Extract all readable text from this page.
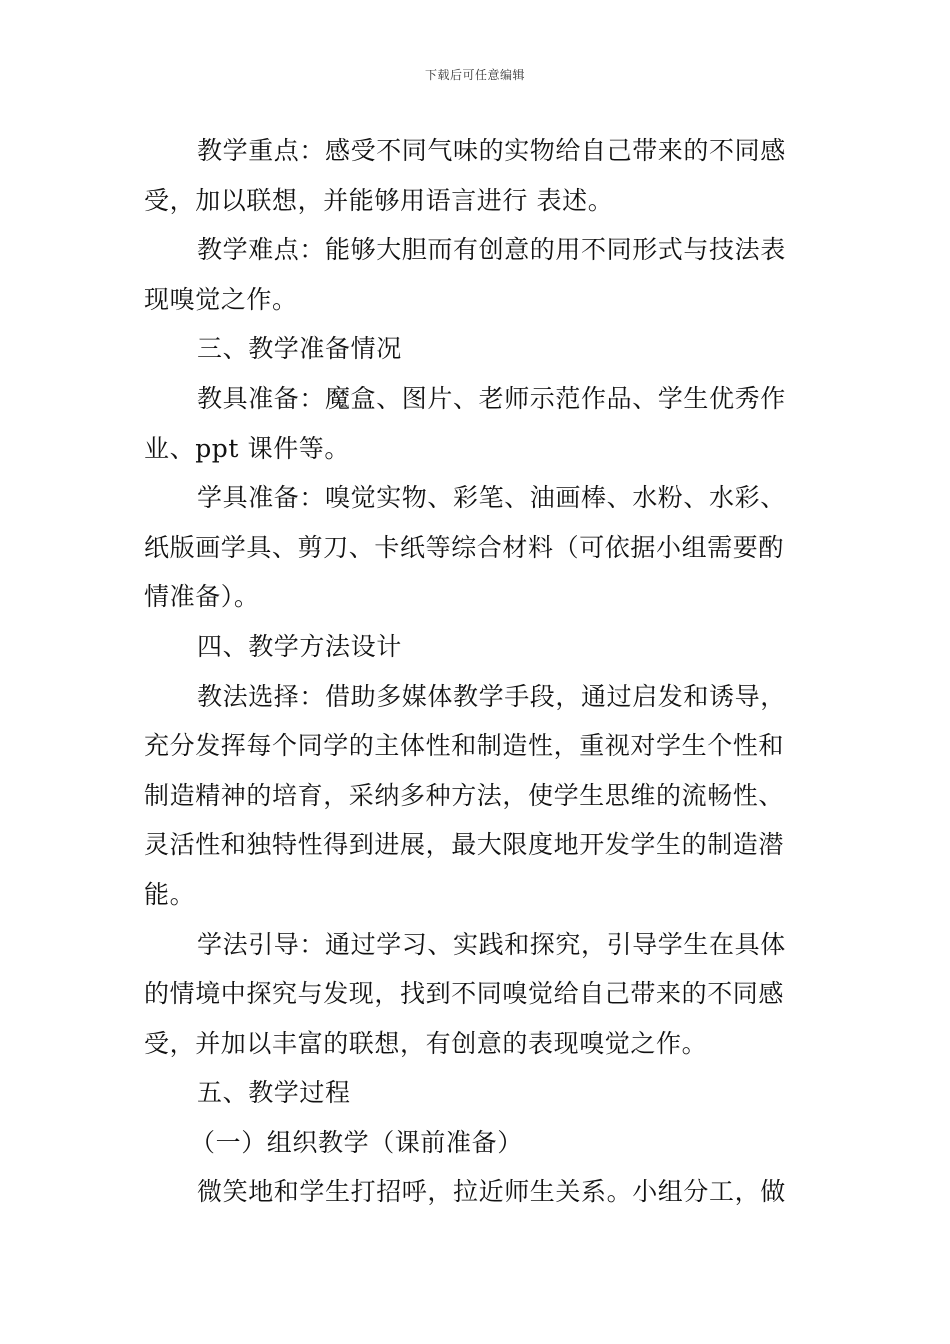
下载后可任意编辑
教学重点：感受不同气味的实物给自己带来的不同感
受，加以联想，并能够用语言进行 表述。
教学难点：能够大胆而有创意的用不同形式与技法表
现嗅觉之作。
三、教学准备情况
教具准备：魔盒、图片、老师示范作品、学生优秀作
业、ppt 课件等。
学具准备：嗅觉实物、彩笔、油画棒、水粉、水彩、
纸版画学具、剪刀、卡纸等综合材料（可依据小组需要酌
情准备）。
四、教学方法设计
教法选择：借助多媒体教学手段，通过启发和诱导，
充分发挥每个同学的主体性和制造性，重视对学生个性和
制造精神的培育，采纳多种方法，使学生思维的流畅性、
灵活性和独特性得到进展，最大限度地开发学生的制造潜
能。
学法引导：通过学习、实践和探究，引导学生在具体
的情境中探究与发现，找到不同嗅觉给自己带来的不同感
受，并加以丰富的联想，有创意的表现嗅觉之作。
五、教学过程
（一）组织教学（课前准备）
微笑地和学生打招呼，拉近师生关系。小组分工，做
